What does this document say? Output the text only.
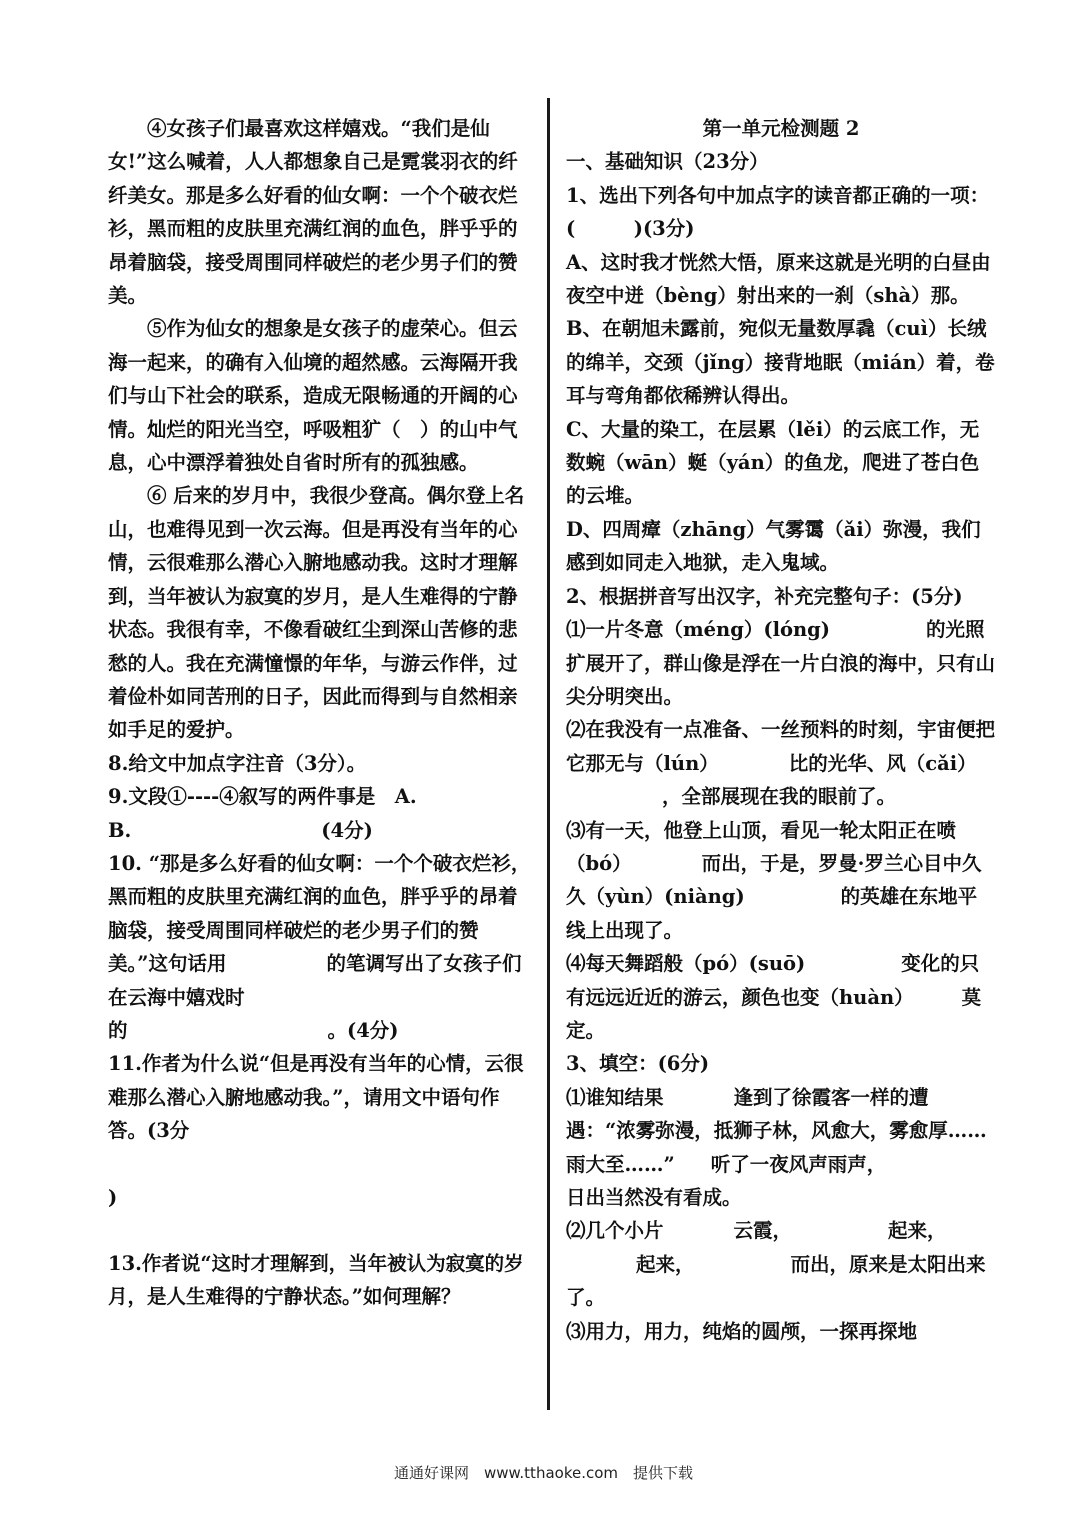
④女孩子们最喜欢这样嬉戏。“我们是仙女!”这么喊着，人人都想象自己是霓裳羽衣的纤纤美女。那是多么好看的仙女啊：一个个破衣烂衫，黑而粗的皮肤里充满红润的血色，胖乎乎的昂着脑袋，接受周围同样破烂的老少男子们的赞美。

⑤作为仙女的想象是女孩子的虚荣心。但云海一起来，的确有入仙境的超然感。云海隔开我们与山下社会的联系，造成无限畅通的开阔的心情。灿烂的阳光当空，呼吸粗犷（　）的山中气息，心中漂浮着独处自省时所有的孤独感。

⑥ 后来的岁月中，我很少登高。偶尔登上名山，也难得见到一次云海。但是再没有当年的心情，云很难那么潜心入腑地感动我。这时才理解到，当年被认为寂寞的岁月，是人生难得的宁静状态。我很有幸，不像看破红尘到深山苦修的悲愁的人。我在充满憧憬的年华，与游云作伴，过着俭朴如同苦刑的日子，因此而得到与自然相亲如手足的爱护。

8.给文中加点字注音（3分）。

9.文段①----④叙写的两件事是　A.

B.	(4分)

10. “那是多么好看的仙女啊：一个个破衣烂衫，黑而粗的皮肤里充满红润的血色，胖乎乎的昂着脑袋，接受周围同样破烂的老少男子们的赞美。”这句话用	的笔调写出了女孩子们在云海中嬉戏时

的	。(4分)

11.作者为什么说“但是再没有当年的心情，云很难那么潜心入腑地感动我。”，请用文中语句作答。(3分

)

13.作者说“这时才理解到，当年被认为寂寞的岁月，是人生难得的宁静状态。”如何理解？

第一单元检测题 2

一、基础知识（23分）

1、选出下列各句中加点字的读音都正确的一项：(　　　)(3分)

A、这时我才恍然大悟，原来这就是光明的白昼由夜空中迸（bèng）射出来的一刹（shà）那。

B、在朝旭未露前，宛似无量数厚毳（cuì）长绒的绵羊，交颈（jǐng）接背地眠（mián）着，卷耳与弯角都依稀辨认得出。

C、大量的染工，在层累（lěi）的云底工作，无数蜿（wān）蜒（yán）的鱼龙，爬进了苍白色的云堆。

D、四周瘴（zhāng）气雾霭（ǎi）弥漫，我们感到如同走入地狱，走入鬼域。

2、根据拼音写出汉字，补充完整句子：(5分)

⑴一片冬意（méng）(lóng)	的光照扩展开了，群山像是浮在一片白浪的海中，只有山尖分明突出。

⑵在我没有一点准备、一丝预料的时刻，宇宙便把它那无与（lún）	比的光华、风（cǎi），全部展现在我的眼前了。

⑶有一天，他登上山顶，看见一轮太阳正在喷（bó）	而出，于是，罗曼·罗兰心目中久久（yùn）(niàng)	的英雄在东地平线上出现了。

⑷每天舞蹈般（pó）(suō)	变化的只有远远近近的游云，颜色也变（huàn） 莫定。

3、填空：(6分)

⑴谁知结果	逢到了徐霞客一样的遭遇：“浓雾弥漫，抵狮子林，风愈大，雾愈厚……雨大至……” 听了一夜风声雨声，日出当然没有看成。

⑵几个小片	云霞，	起来，起来，	而出，原来是太阳出来了。

⑶用力，用力，纯焰的圆颅，一探再探地

通通好课网　www.tthaoke.com　提供下载
